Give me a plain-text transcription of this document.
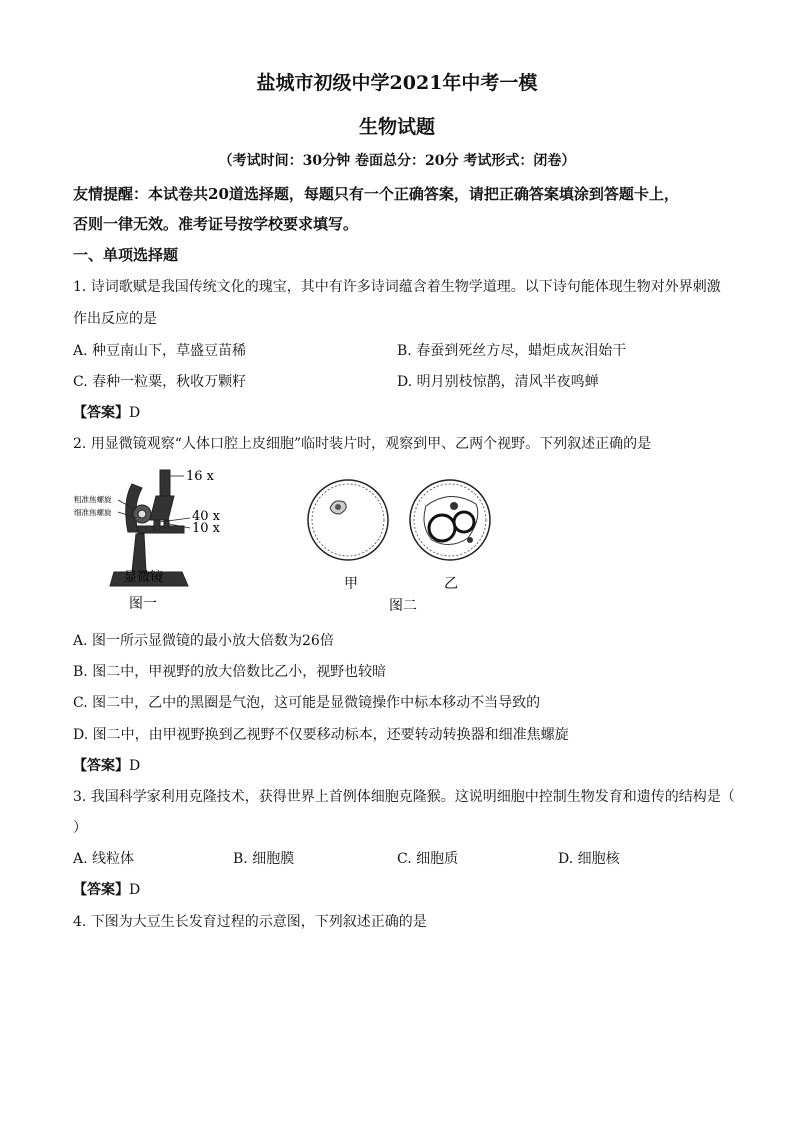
盐城市初级中学2021年中考一模
生物试题
（考试时间：30分钟 卷面总分：20分 考试形式：闭卷）
友情提醒：本试卷共20道选择题，每题只有一个正确答案，请把正确答案填涂到答题卡上，
否则一律无效。准考证号按学校要求填写。
一、单项选择题
1. 诗词歌赋是我国传统文化的瑰宝，其中有许多诗词蕴含着生物学道理。以下诗句能体现生物对外界刺激
作出反应的是
A. 种豆南山下，草盛豆苗稀	B. 春蚕到死丝方尽，蜡炬成灰泪始干
C. 春种一粒粟，秋收万颗籽	D. 明月别枝惊鹊，清风半夜鸣蝉
【答案】D
2. 用显微镜观察“人体口腔上皮细胞”临时装片时，观察到甲、乙两个视野。下列叙述正确的是
16 x
40 x
10 x
粗准焦螺旋
细准焦螺旋
显微镜
图一
甲	乙
图二
A. 图一所示显微镜的最小放大倍数为26倍
B. 图二中，甲视野的放大倍数比乙小，视野也较暗
C. 图二中，乙中的黑圈是气泡，这可能是显微镜操作中标本移动不当导致的
D. 图二中，由甲视野换到乙视野不仅要移动标本，还要转动转换器和细准焦螺旋
【答案】D
3. 我国科学家利用克隆技术，获得世界上首例体细胞克隆猴。这说明细胞中控制生物发育和遗传的结构是（
）
A. 线粒体	B. 细胞膜	C. 细胞质	D. 细胞核
【答案】D
4. 下图为大豆生长发育过程的示意图，下列叙述正确的是
